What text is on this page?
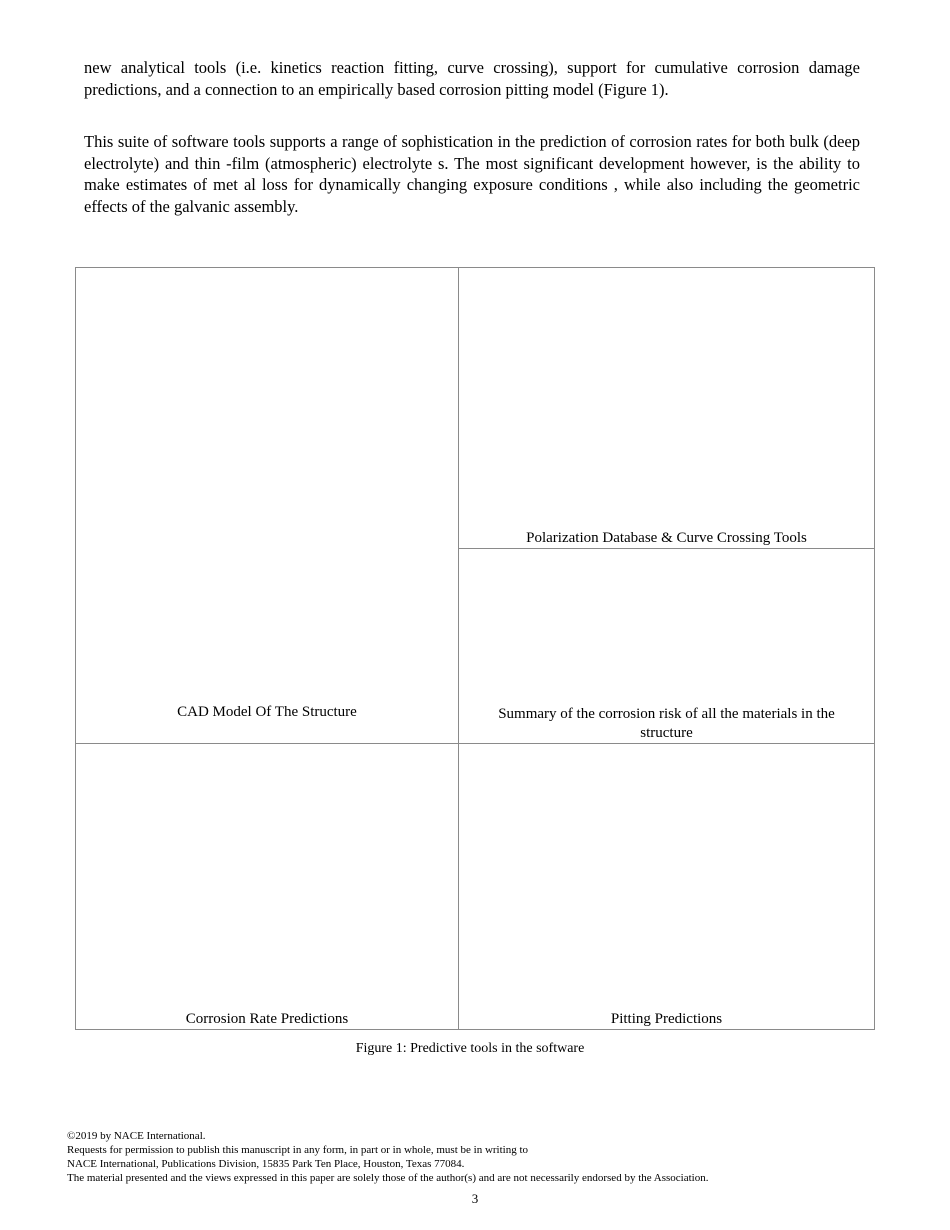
new analytical tools (i.e. kinetics reaction fitting, curve crossing), support for cumulative corrosion damage predictions, and a connection to an empirically based corrosion pitting model (Figure 1).

This suite of software tools supports a range of sophistication in the prediction of corrosion rates for both bulk (deep electrolyte) and thin -film (atmospheric) electrolyte s. The most significant development however, is the ability to make estimates of met al loss for dynamically changing exposure conditions , while also including the geometric effects of the galvanic assembly.

CAD Model Of The Structure
Polarization Database & Curve Crossing Tools
Summary of the corrosion risk of all the materials in the structure
Corrosion Rate Predictions	Pitting Predictions
Figure 1: Predictive tools in the software
©2019 by NACE International.
Requests for permission to publish this manuscript in any form, in part or in whole, must be in writing to
NACE International, Publications Division, 15835 Park Ten Place, Houston, Texas 77084.
The material presented and the views expressed in this paper are solely those of the author(s) and are not necessarily endorsed by the Association.
3
